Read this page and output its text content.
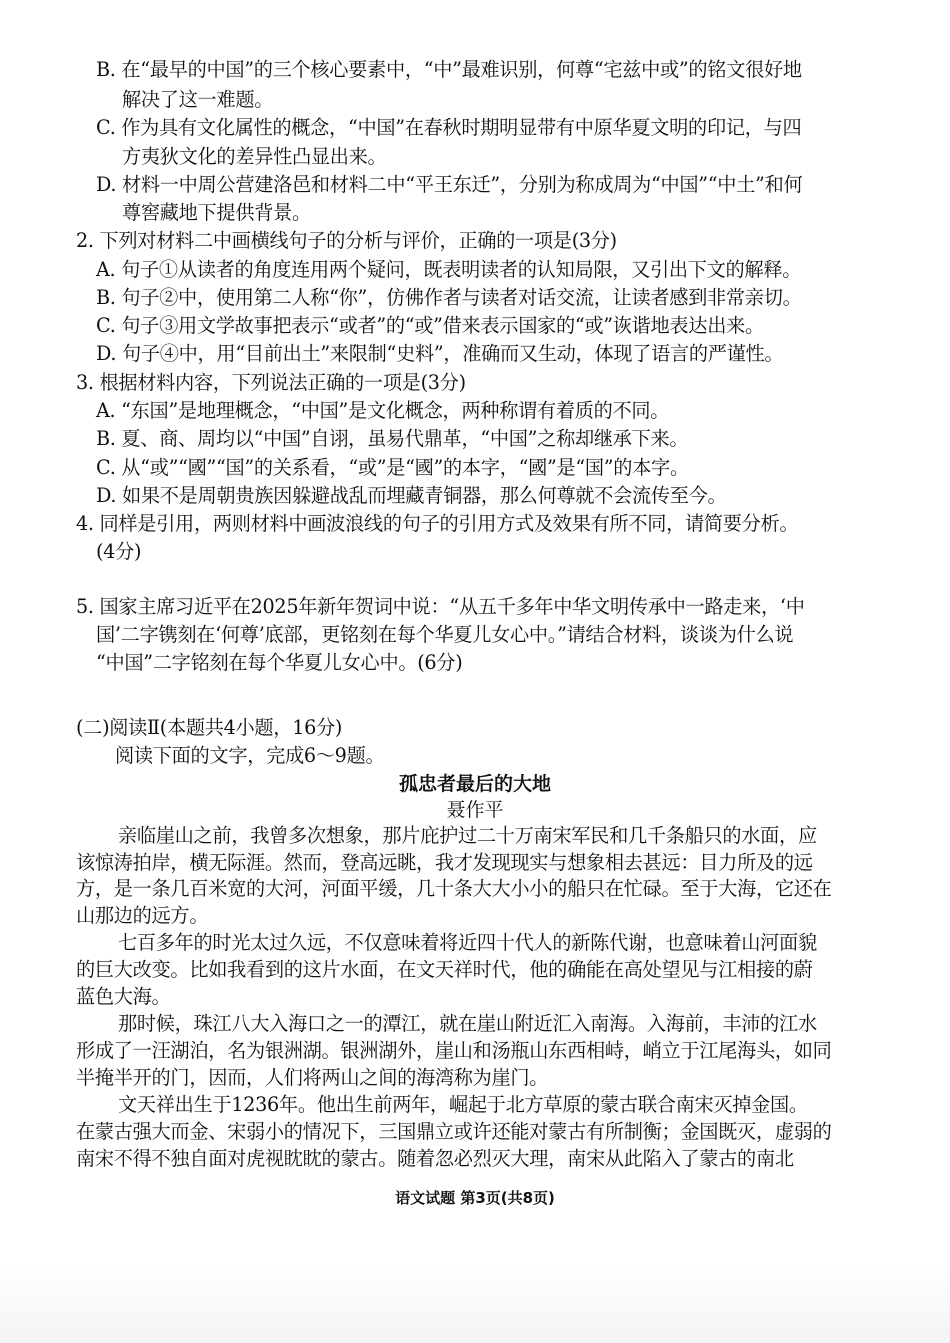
B. 在“最早的中国”的三个核心要素中，“中”最难识别，何尊“宅兹中或”的铭文很好地

解决了这一难题。

C. 作为具有文化属性的概念，“中国”在春秋时期明显带有中原华夏文明的印记，与四

方夷狄文化的差异性凸显出来。

D. 材料一中周公营建洛邑和材料二中“平王东迁”，分别为称成周为“中国”“中土”和何

尊窖藏地下提供背景。

2. 下列对材料二中画横线句子的分析与评价，正确的一项是(3分)

A. 句子①从读者的角度连用两个疑问，既表明读者的认知局限，又引出下文的解释。

B. 句子②中，使用第二人称“你”，仿佛作者与读者对话交流，让读者感到非常亲切。

C. 句子③用文学故事把表示“或者”的“或”借来表示国家的“或”诙谐地表达出来。

D. 句子④中，用“目前出土”来限制“史料”，准确而又生动，体现了语言的严谨性。

3. 根据材料内容，下列说法正确的一项是(3分)

A. “东国”是地理概念，“中国”是文化概念，两种称谓有着质的不同。

B. 夏、商、周均以“中国”自诩，虽易代鼎革，“中国”之称却继承下来。

C. 从“或”“國”“国”的关系看，“或”是“國”的本字，“國”是“国”的本字。

D. 如果不是周朝贵族因躲避战乱而埋藏青铜器，那么何尊就不会流传至今。

4. 同样是引用，两则材料中画波浪线的句子的引用方式及效果有所不同，请简要分析。

(4分)

5. 国家主席习近平在2025年新年贺词中说：“从五千多年中华文明传承中一路走来，‘中

国’二字镌刻在‘何尊’底部，更铭刻在每个华夏儿女心中。”请结合材料，谈谈为什么说

“中国”二字铭刻在每个华夏儿女心中。(6分)

(二)阅读Ⅱ(本题共4小题，16分)

阅读下面的文字，完成6～9题。

孤忠者最后的大地

聂作平

亲临崖山之前，我曾多次想象，那片庇护过二十万南宋军民和几千条船只的水面，应

该惊涛拍岸，横无际涯。然而，登高远眺，我才发现现实与想象相去甚远：目力所及的远

方，是一条几百米宽的大河，河面平缓，几十条大大小小的船只在忙碌。至于大海，它还在

山那边的远方。

七百多年的时光太过久远，不仅意味着将近四十代人的新陈代谢，也意味着山河面貌

的巨大改变。比如我看到的这片水面，在文天祥时代，他的确能在高处望见与江相接的蔚

蓝色大海。

那时候，珠江八大入海口之一的潭江，就在崖山附近汇入南海。入海前，丰沛的江水

形成了一汪湖泊，名为银洲湖。银洲湖外，崖山和汤瓶山东西相峙，峭立于江尾海头，如同

半掩半开的门，因而，人们将两山之间的海湾称为崖门。

文天祥出生于1236年。他出生前两年，崛起于北方草原的蒙古联合南宋灭掉金国。

在蒙古强大而金、宋弱小的情况下，三国鼎立或许还能对蒙古有所制衡；金国既灭，虚弱的

南宋不得不独自面对虎视眈眈的蒙古。随着忽必烈灭大理，南宋从此陷入了蒙古的南北

语文试题 第3页(共8页)
